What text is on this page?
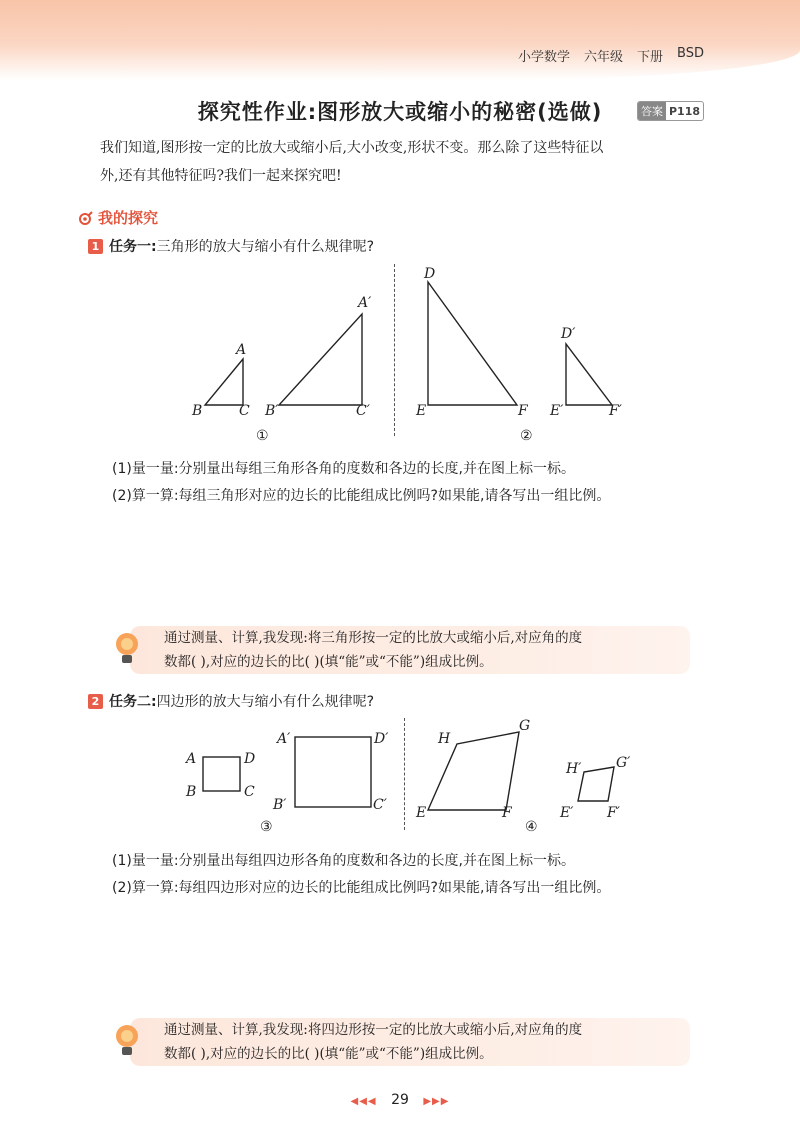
小学数学 六年级 下册 BSD
探究性作业:图形放大或缩小的秘密(选做)	答案 P118
我们知道,图形按一定的比放大或缩小后,大小改变,形状不变。那么除了这些特征以
外,还有其他特征吗?我们一起来探究吧!
我的探究
1 任务一:三角形的放大与缩小有什么规律呢?
A
B	C
A′
B′	C′
D
E	F
D′
E′	F′
①	②
(1)量一量:分别量出每组三角形各角的度数和各边的长度,并在图上标一标。
(2)算一算:每组三角形对应的边长的比能组成比例吗?如果能,请各写出一组比例。
通过测量、计算,我发现:将三角形按一定的比放大或缩小后,对应角的度
数都( ),对应的边长的比( )(填“能”或“不能”)组成比例。
2 任务二:四边形的放大与缩小有什么规律呢?
A
B	C
D
A′
B′	C′
D′
E	F
G
H
E′ F′
G′
H′
③	④
(1)量一量:分别量出每组四边形各角的度数和各边的长度,并在图上标一标。
(2)算一算:每组四边形对应的边长的比能组成比例吗?如果能,请各写出一组比例。
通过测量、计算,我发现:将四边形按一定的比放大或缩小后,对应角的度
数都( ),对应的边长的比( )(填“能”或“不能”)组成比例。
◀◀◀ 29 ▶▶▶
